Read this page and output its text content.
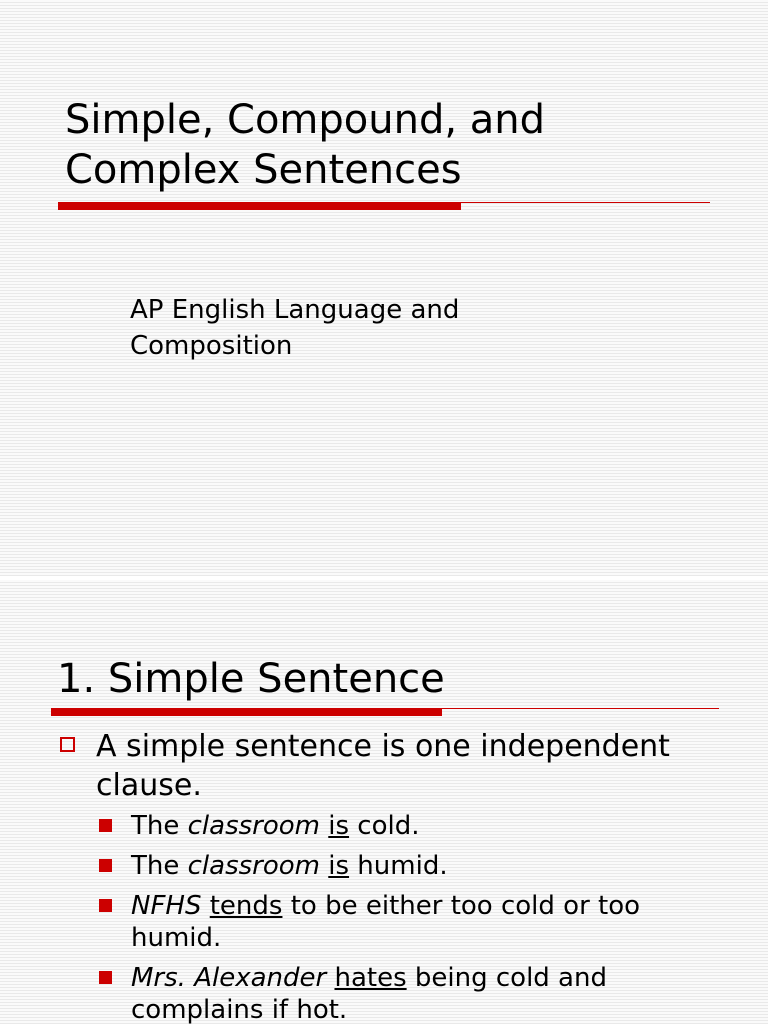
Simple, Compound, and
Complex Sentences

AP English Language and
Composition

1. Simple Sentence
A simple sentence is one independent
clause.
The classroom is cold.
The classroom is humid.
NFHS tends to be either too cold or too humid.
Mrs. Alexander hates being cold and complains if hot.
